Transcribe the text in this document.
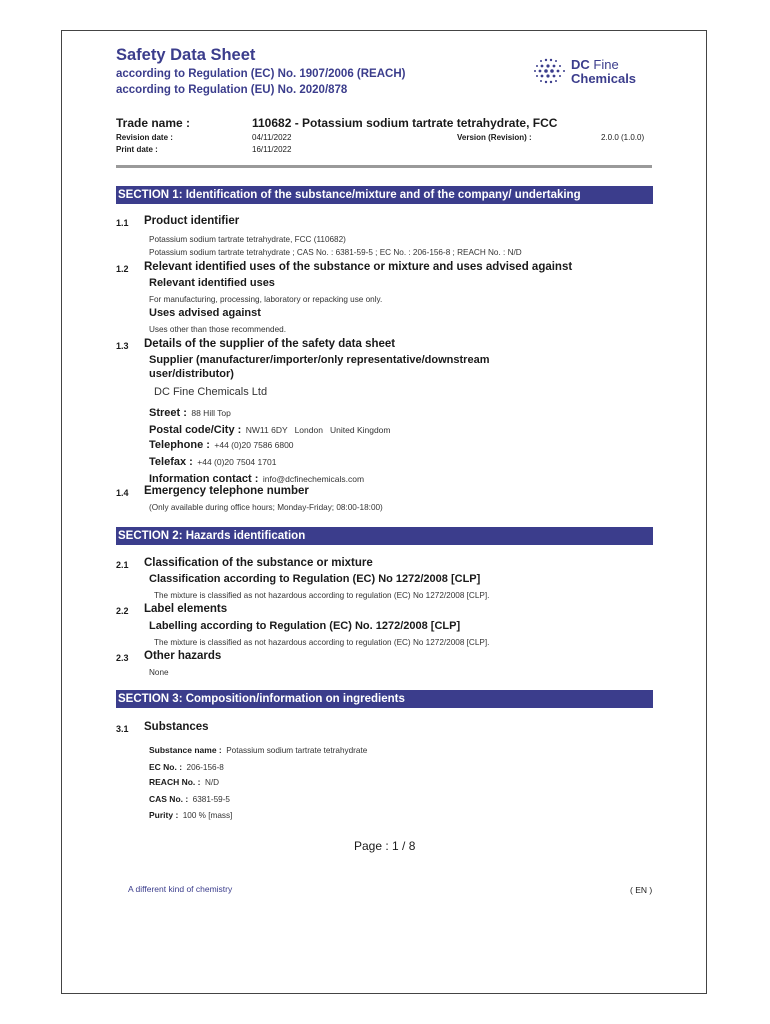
Safety Data Sheet
according to Regulation (EC) No. 1907/2006 (REACH)
according to Regulation (EU) No. 2020/878
DC Fine
Chemicals
Trade name :	110682 - Potassium sodium tartrate tetrahydrate, FCC
Revision date :	04/11/2022
Print date :	16/11/2022
Version (Revision) :	2.0.0 (1.0.0)
SECTION 1: Identification of the substance/mixture and of the company/ undertaking
1.1 Product identifier
Potassium sodium tartrate tetrahydrate, FCC (110682)
Potassium sodium tartrate tetrahydrate ; CAS No. : 6381-59-5 ; EC No. : 206-156-8 ; REACH No. : N/D
1.2 Relevant identified uses of the substance or mixture and uses advised against
Relevant identified uses
For manufacturing, processing, laboratory or repacking use only.
Uses advised against
Uses other than those recommended.
1.3 Details of the supplier of the safety data sheet
Supplier (manufacturer/importer/only representative/downstream
user/distributor)
DC Fine Chemicals Ltd
Street : 88 Hill Top
Postal code/City : NW11 6DY   London   United Kingdom
Telephone : +44 (0)20 7586 6800
Telefax : +44 (0)20 7504 1701
Information contact : info@dcfinechemicals.com
1.4 Emergency telephone number
(Only available during office hours; Monday-Friday; 08:00-18:00)
SECTION 2: Hazards identification
2.1 Classification of the substance or mixture
Classification according to Regulation (EC) No 1272/2008 [CLP]
The mixture is classified as not hazardous according to regulation (EC) No 1272/2008 [CLP].
2.2 Label elements
Labelling according to Regulation (EC) No. 1272/2008 [CLP]
The mixture is classified as not hazardous according to regulation (EC) No 1272/2008 [CLP].
2.3 Other hazards
None
SECTION 3: Composition/information on ingredients
3.1 Substances
Substance name : Potassium sodium tartrate tetrahydrate
EC No. : 206-156-8
REACH No. : N/D
CAS No. : 6381-59-5
Purity : 100 % [mass]
Page : 1 / 8
A different kind of chemistry	( EN )
